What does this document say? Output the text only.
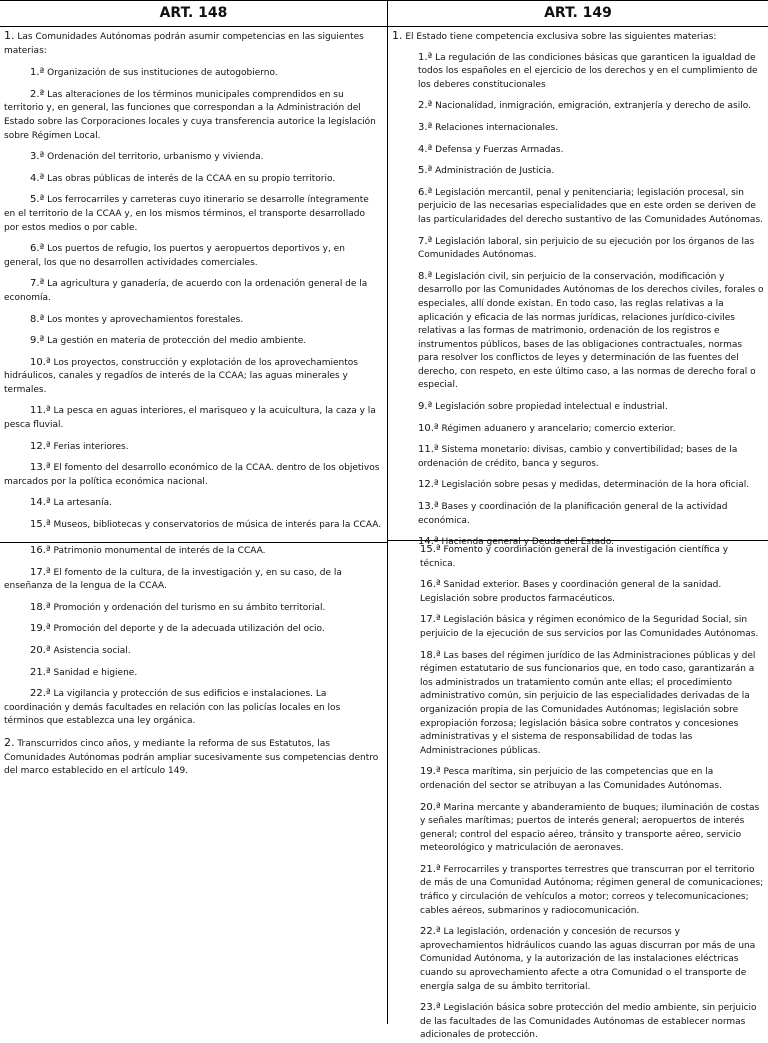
ART. 148	ART. 149
1. Las Comunidades Autónomas podrán asumir competencias en las siguientes materias:
1.ª Organización de sus instituciones de autogobierno.
2.ª Las alteraciones de los términos municipales comprendidos en su territorio y, en general, las funciones que correspondan a la Administración del Estado sobre las Corporaciones locales y cuya transferencia autorice la legislación sobre Régimen Local.
3.ª Ordenación del territorio, urbanismo y vivienda.
4.ª Las obras públicas de interés de la CCAA en su propio territorio.
5.ª Los ferrocarriles y carreteras cuyo itinerario se desarrolle íntegramente en el territorio de la CCAA y, en los mismos términos, el transporte desarrollado por estos medios o por cable.
6.ª Los puertos de refugio, los puertos y aeropuertos deportivos y, en general, los que no desarrollen actividades comerciales.
7.ª La agricultura y ganadería, de acuerdo con la ordenación general de la economía.
8.ª Los montes y aprovechamientos forestales.
9.ª La gestión en materia de protección del medio ambiente.
10.ª Los proyectos, construcción y explotación de los aprovechamientos hidráulicos, canales y regadíos de interés de la CCAA; las aguas minerales y termales.
11.ª La pesca en aguas interiores, el marisqueo y la acuicultura, la caza y la pesca fluvial.
12.ª Ferias interiores.
13.ª El fomento del desarrollo económico de la CCAA. dentro de los objetivos marcados por la política económica nacional.
14.ª La artesanía.
15.ª Museos, bibliotecas y conservatorios de música de interés para la CCAA.
16.ª Patrimonio monumental de interés de la CCAA.
17.ª El fomento de la cultura, de la investigación y, en su caso, de la enseñanza de la lengua de la CCAA.
18.ª Promoción y ordenación del turismo en su ámbito territorial.
19.ª Promoción del deporte y de la adecuada utilización del ocio.
20.ª Asistencia social.
21.ª Sanidad e higiene.
22.ª La vigilancia y protección de sus edificios e instalaciones. La coordinación y demás facultades en relación con las policías locales en los términos que establezca una ley orgánica.
2. Transcurridos cinco años, y mediante la reforma de sus Estatutos, las Comunidades Autónomas podrán ampliar sucesivamente sus competencias dentro del marco establecido en el artículo 149.
1. El Estado tiene competencia exclusiva sobre las siguientes materias:
1.ª La regulación de las condiciones básicas que garanticen la igualdad de todos los españoles en el ejercicio de los derechos y en el cumplimiento de los deberes constitucionales
2.ª Nacionalidad, inmigración, emigración, extranjería y derecho de asilo.
3.ª Relaciones internacionales.
4.ª Defensa y Fuerzas Armadas.
5.ª Administración de Justicia.
6.ª Legislación mercantil, penal y penitenciaria; legislación procesal, sin perjuicio de las necesarias especialidades que en este orden se deriven de las particularidades del derecho sustantivo de las Comunidades Autónomas.
7.ª Legislación laboral, sin perjuicio de su ejecución por los órganos de las Comunidades Autónomas.
8.ª Legislación civil, sin perjuicio de la conservación, modificación y desarrollo por las Comunidades Autónomas de los derechos civiles, forales o especiales, allí donde existan. En todo caso, las reglas relativas a la aplicación y eficacia de las normas jurídicas, relaciones jurídico-civiles relativas a las formas de matrimonio, ordenación de los registros e instrumentos públicos, bases de las obligaciones contractuales, normas para resolver los conflictos de leyes y determinación de las fuentes del derecho, con respeto, en este último caso, a las normas de derecho foral o especial.
9.ª Legislación sobre propiedad intelectual e industrial.
10.ª Régimen aduanero y arancelario; comercio exterior.
11.ª Sistema monetario: divisas, cambio y convertibilidad; bases de la ordenación de crédito, banca y seguros.
12.ª Legislación sobre pesas y medidas, determinación de la hora oficial.
13.ª Bases y coordinación de la planificación general de la actividad económica.
14.ª Hacienda general y Deuda del Estado.
15.ª Fomento y coordinación general de la investigación científica y técnica.
16.ª Sanidad exterior. Bases y coordinación general de la sanidad. Legislación sobre productos farmacéuticos.
17.ª Legislación básica y régimen económico de la Seguridad Social, sin perjuicio de la ejecución de sus servicios por las Comunidades Autónomas.
18.ª Las bases del régimen jurídico de las Administraciones públicas y del régimen estatutario de sus funcionarios que, en todo caso, garantizarán a los administrados un tratamiento común ante ellas; el procedimiento administrativo común, sin perjuicio de las especialidades derivadas de la organización propia de las Comunidades Autónomas; legislación sobre expropiación forzosa; legislación básica sobre contratos y concesiones administrativas y el sistema de responsabilidad de todas las Administraciones públicas.
19.ª Pesca marítima, sin perjuicio de las competencias que en la ordenación del sector se atribuyan a las Comunidades Autónomas.
20.ª Marina mercante y abanderamiento de buques; iluminación de costas y señales marítimas; puertos de interés general; aeropuertos de interés general; control del espacio aéreo, tránsito y transporte aéreo, servicio meteorológico y matriculación de aeronaves.
21.ª Ferrocarriles y transportes terrestres que transcurran por el territorio de más de una Comunidad Autónoma; régimen general de comunicaciones; tráfico y circulación de vehículos a motor; correos y telecomunicaciones; cables aéreos, submarinos y radiocomunicación.
22.ª La legislación, ordenación y concesión de recursos y aprovechamientos hidráulicos cuando las aguas discurran por más de una Comunidad Autónoma, y la autorización de las instalaciones eléctricas cuando su aprovechamiento afecte a otra Comunidad o el transporte de energía salga de su ámbito territorial.
23.ª Legislación básica sobre protección del medio ambiente, sin perjuicio de las facultades de las Comunidades Autónomas de establecer normas adicionales de protección.
